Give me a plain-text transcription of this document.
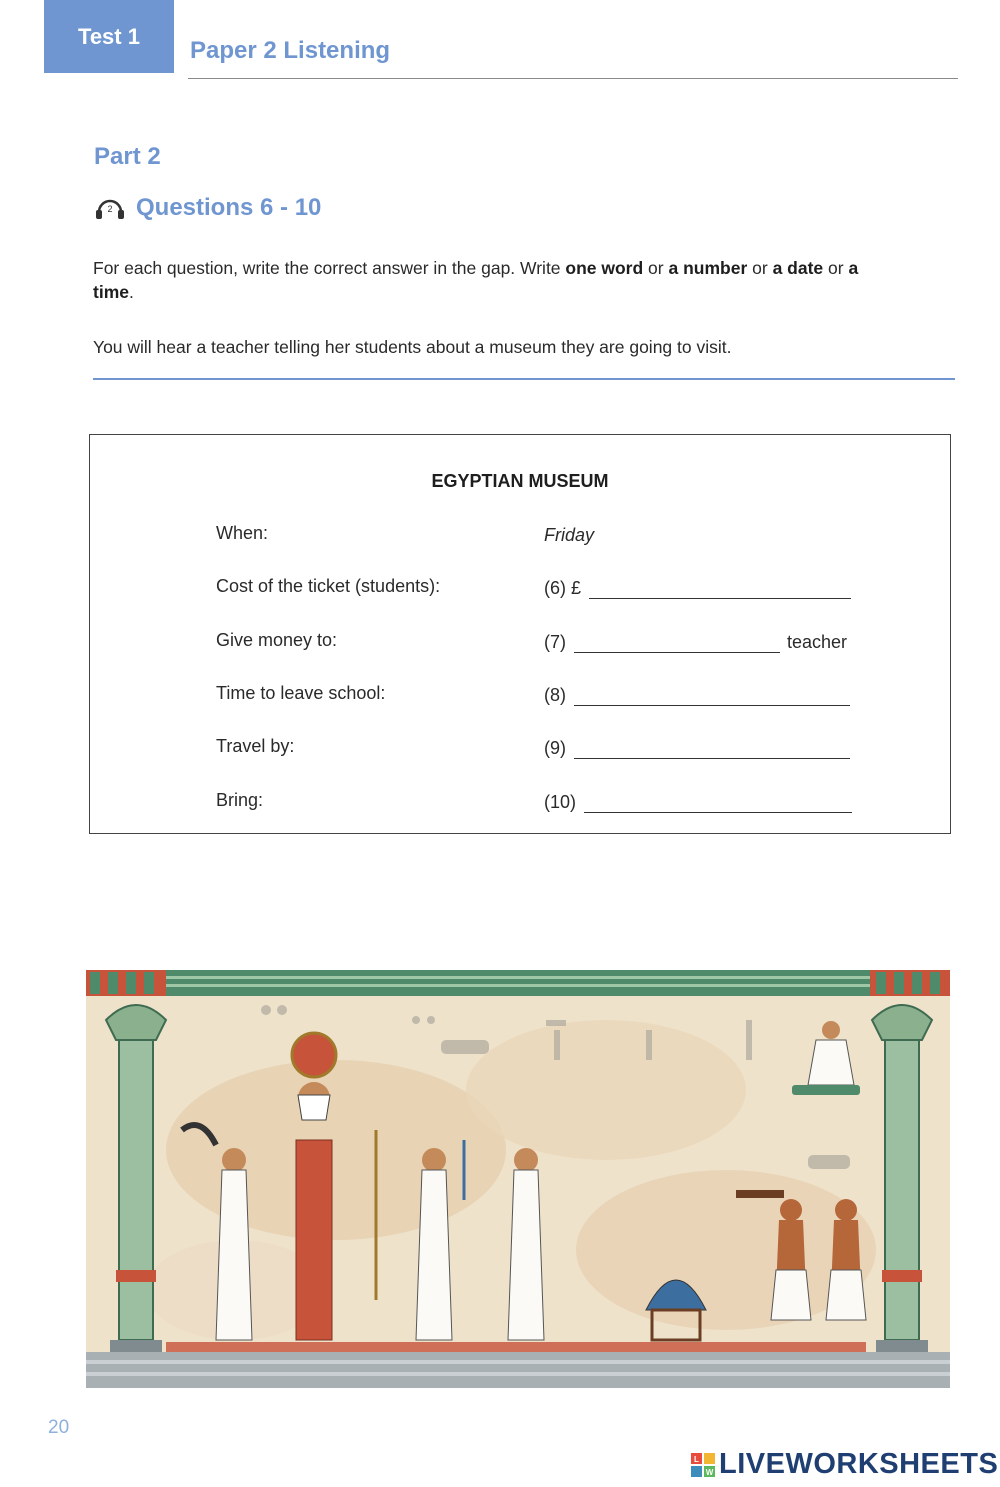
Test 1
Paper 2 Listening
Part 2
2 Questions 6 - 10
For each question, write the correct answer in the gap. Write one word or a number or a date or a
time.
You will hear a teacher telling her students about a museum they are going to visit.
EGYPTIAN MUSEUM
When:	Friday
Cost of the ticket (students):	(6) £
Give money to:	(7)	teacher
Time to leave school:	(8)
Travel by:	(9)
Bring:	(10)
20
L
W LIVEWORKSHEETS
